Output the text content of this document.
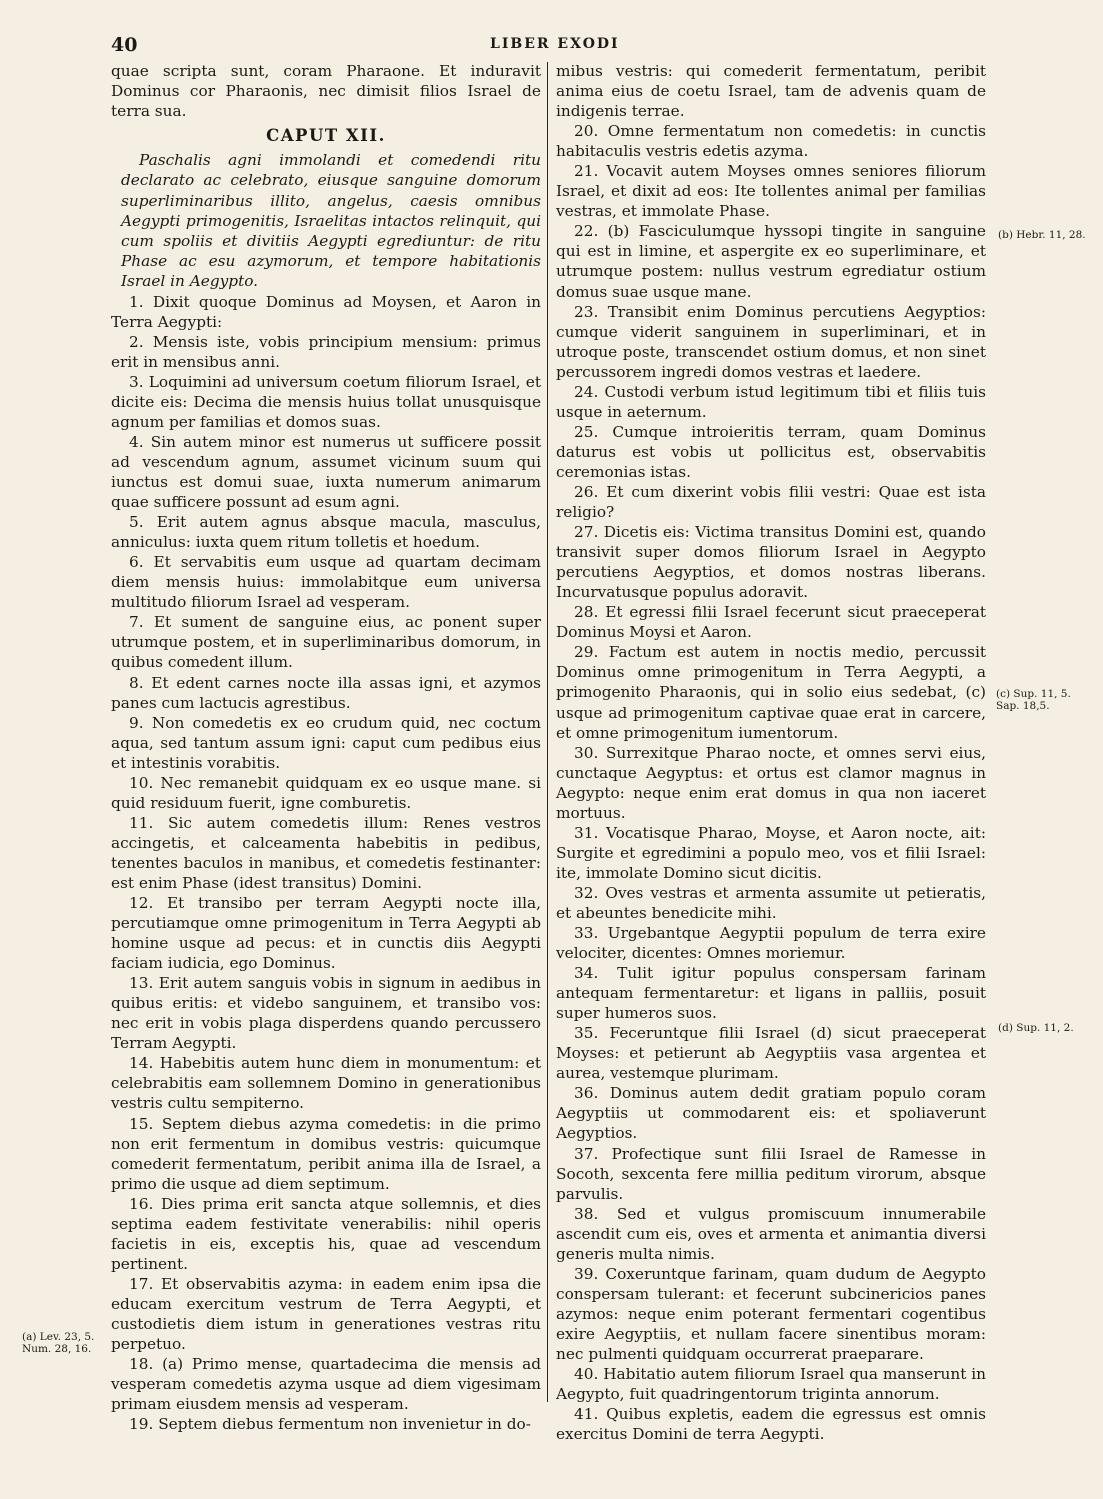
40	LIBER EXODI

quae scripta sunt, coram Pharaone. Et induravit Dominus cor Pharaonis, nec dimisit filios Israel de terra sua.

CAPUT XII.

Paschalis agni immolandi et comedendi ritu declarato ac celebrato, eiusque sanguine domorum superliminaribus illito, angelus, caesis omnibus Aegypti primogenitis, Israelitas intactos relinquit, qui cum spoliis et divitiis Aegypti egrediuntur: de ritu Phase ac esu azymorum, et tempore habitationis Israel in Aegypto.

1. Dixit quoque Dominus ad Moysen, et Aaron in Terra Aegypti:

2. Mensis iste, vobis principium mensium: primus erit in mensibus anni.

3. Loquimini ad universum coetum filiorum Israel, et dicite eis: Decima die mensis huius tollat unusquisque agnum per familias et domos suas.

4. Sin autem minor est numerus ut sufficere possit ad vescendum agnum, assumet vicinum suum qui iunctus est domui suae, iuxta numerum animarum quae sufficere possunt ad esum agni.

5. Erit autem agnus absque macula, masculus, anniculus: iuxta quem ritum tolletis et hoedum.

6. Et servabitis eum usque ad quartam decimam diem mensis huius: immolabitque eum universa multitudo filiorum Israel ad vesperam.

7. Et sument de sanguine eius, ac ponent super utrumque postem, et in superliminaribus domorum, in quibus comedent illum.

8. Et edent carnes nocte illa assas igni, et azymos panes cum lactucis agrestibus.

9. Non comedetis ex eo crudum quid, nec coctum aqua, sed tantum assum igni: caput cum pedibus eius et intestinis vorabitis.

10. Nec remanebit quidquam ex eo usque mane. si quid residuum fuerit, igne comburetis.

11. Sic autem comedetis illum: Renes vestros accingetis, et calceamenta habebitis in pedibus, tenentes baculos in manibus, et comedetis festinanter: est enim Phase (idest transitus) Domini.

12. Et transibo per terram Aegypti nocte illa, percutiamque omne primogenitum in Terra Aegypti ab homine usque ad pecus: et in cunctis diis Aegypti faciam iudicia, ego Dominus.

13. Erit autem sanguis vobis in signum in aedibus in quibus eritis: et videbo sanguinem, et transibo vos: nec erit in vobis plaga disperdens quando percussero Terram Aegypti.

14. Habebitis autem hunc diem in monumentum: et celebrabitis eam sollemnem Domino in generationibus vestris cultu sempiterno.

15. Septem diebus azyma comedetis: in die primo non erit fermentum in domibus vestris: quicumque comederit fermentatum, peribit anima illa de Israel, a primo die usque ad diem septimum.

16. Dies prima erit sancta atque sollemnis, et dies septima eadem festivitate venerabilis: nihil operis facietis in eis, exceptis his, quae ad vescendum pertinent.

17. Et observabitis azyma: in eadem enim ipsa die educam exercitum vestrum de Terra Aegypti, et custodietis diem istum in generationes vestras ritu perpetuo.

18. (a) Primo mense, quartadecima die mensis ad vesperam comedetis azyma usque ad diem vigesimam primam eiusdem mensis ad vesperam.

19. Septem diebus fermentum non invenietur in do-

mibus vestris: qui comederit fermentatum, peribit anima eius de coetu Israel, tam de advenis quam de indigenis terrae.

20. Omne fermentatum non comedetis: in cunctis habitaculis vestris edetis azyma.

21. Vocavit autem Moyses omnes seniores filiorum Israel, et dixit ad eos: Ite tollentes animal per familias vestras, et immolate Phase.

22. (b) Fasciculumque hyssopi tingite in sanguine qui est in limine, et aspergite ex eo superliminare, et utrumque postem: nullus vestrum egrediatur ostium domus suae usque mane.

23. Transibit enim Dominus percutiens Aegyptios: cumque viderit sanguinem in superliminari, et in utroque poste, transcendet ostium domus, et non sinet percussorem ingredi domos vestras et laedere.

24. Custodi verbum istud legitimum tibi et filiis tuis usque in aeternum.

25. Cumque introieritis terram, quam Dominus daturus est vobis ut pollicitus est, observabitis ceremonias istas.

26. Et cum dixerint vobis filii vestri: Quae est ista religio?

27. Dicetis eis: Victima transitus Domini est, quando transivit super domos filiorum Israel in Aegypto percutiens Aegyptios, et domos nostras liberans. Incurvatusque populus adoravit.

28. Et egressi filii Israel fecerunt sicut praeceperat Dominus Moysi et Aaron.

29. Factum est autem in noctis medio, percussit Dominus omne primogenitum in Terra Aegypti, a primogenito Pharaonis, qui in solio eius sedebat, (c) usque ad primogenitum captivae quae erat in carcere, et omne primogenitum iumentorum.

30. Surrexitque Pharao nocte, et omnes servi eius, cunctaque Aegyptus: et ortus est clamor magnus in Aegypto: neque enim erat domus in qua non iaceret mortuus.

31. Vocatisque Pharao, Moyse, et Aaron nocte, ait: Surgite et egredimini a populo meo, vos et filii Israel: ite, immolate Domino sicut dicitis.

32. Oves vestras et armenta assumite ut petieratis, et abeuntes benedicite mihi.

33. Urgebantque Aegyptii populum de terra exire velociter, dicentes: Omnes moriemur.

34. Tulit igitur populus conspersam farinam antequam fermentaretur: et ligans in palliis, posuit super humeros suos.

35. Feceruntque filii Israel (d) sicut praeceperat Moyses: et petierunt ab Aegyptiis vasa argentea et aurea, vestemque plurimam.

36. Dominus autem dedit gratiam populo coram Aegyptiis ut commodarent eis: et spoliaverunt Aegyptios.

37. Profectique sunt filii Israel de Ramesse in Socoth, sexcenta fere millia peditum virorum, absque parvulis.

38. Sed et vulgus promiscuum innumerabile ascendit cum eis, oves et armenta et animantia diversi generis multa nimis.

39. Coxeruntque farinam, quam dudum de Aegypto conspersam tulerant: et fecerunt subcinericios panes azymos: neque enim poterant fermentari cogentibus exire Aegyptiis, et nullam facere sinentibus moram: nec pulmenti quidquam occurrerat praeparare.

40. Habitatio autem filiorum Israel qua manserunt in Aegypto, fuit quadringentorum triginta annorum.

41. Quibus expletis, eadem die egressus est omnis exercitus Domini de terra Aegypti.

(a) Lev. 23, 5. Num. 28, 16.
(b) Hebr. 11, 28.
(c) Sup. 11, 5. Sap. 18,5.
(d) Sup. 11, 2.
